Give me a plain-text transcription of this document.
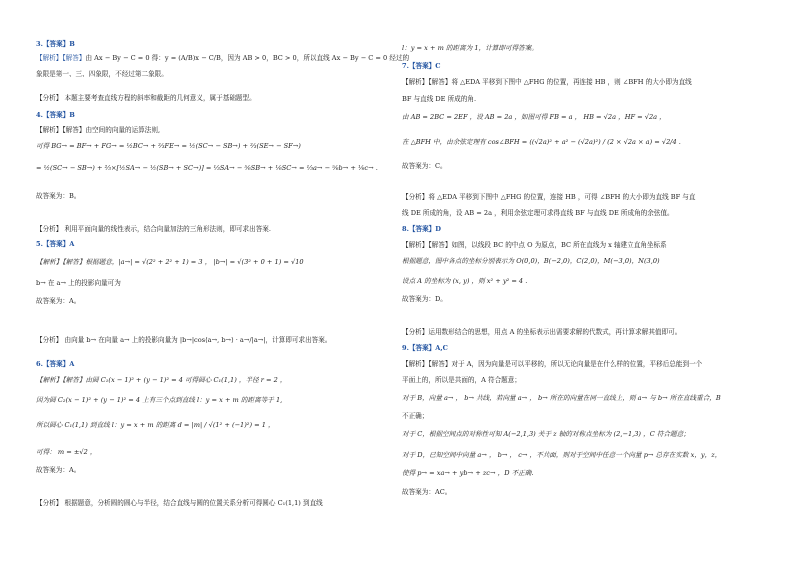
3.【答案】B
【解析】【解答】由 Ax − By − C = 0 得：y = (A/B)x − C/B，因为 AB > 0，BC > 0，所以直线 Ax − By − C = 0 经过的
象限是第一、三、四象限，不经过第二象限。
【分析】 本题主要考查直线方程的斜率和截距的几何意义，属于基础题型。
4.【答案】B
【解析】【解答】由空间的向量的运算法则,
可得 BG→ = BF→ + FG→ = ½BC→ + ⅔FE→ = ½(SC→ − SB→) + ⅔(SE→ − SF→)
= ½(SC→ − SB→) + ⅔×[½SA→ − ½(SB→ + SC→)] = ⅓SA→ − ⅚SB→ + ⅙SC→ = ⅓a→ − ⅚b→ + ⅙c→ .
故答案为：B。
【分析】 利用平面向量的线性表示，结合向量加法的三角形法则，即可求出答案.
5.【答案】A
【解析】【解答】根据题意，|a→| = √(2² + 2² + 1) = 3 ， |b→| = √(3² + 0 + 1) = √10
b→ 在 a→ 上的投影向量可为
故答案为：A。
【分析】 由向量 b→ 在向量 a→ 上的投影向量为 |b→|cos⟨a→, b→⟩ · a→/|a→|，计算即可求出答案。
6.【答案】A
【解析】【解答】由圆 C₁(x − 1)² + (y − 1)² = 4 可得圆心 C₁(1,1) ，半径 r = 2 ，
因为圆 C₂(x − 1)² + (y − 1)² = 4 上有三个点到直线 l：y = x + m 的距离等于 1,
所以圆心 C₁(1,1) 到直线 l：y = x + m 的距离 d = |m| / √(1² + (−1)²) = 1 ，
可得： m = ±√2 ，
故答案为：A。
【分析】 根据题意，分析圆的圆心与半径，结合直线与圆的位置关系分析可得圆心 C₁(1,1) 到直线
l：y = x + m 的距离为 1，计算即可得答案。
7.【答案】C
【解析】【解答】将 △EDA 平移到下图中 △FHG 的位置，再连接 HB ，则 ∠BFH 的大小即为直线
BF 与直线 DE 所成的角.
由 AB = 2BC = 2EF ，设 AB = 2a ，如图可得 FB = a ， HB = √2a ，HF = √2a ，
在 △BFH 中，由余弦定理有 cos∠BFH = ((√2a)² + a² − (√2a)²) / (2 × √2a × a) = √2/4 .
故答案为：C。
【分析】将 △EDA 平移到下图中 △FHG 的位置，连接 HB ，可得 ∠BFH 的大小即为直线 BF 与直
线 DE 所成的角，设 AB = 2a ，利用余弦定理可求得直线 BF 与直线 DE 所成角的余弦值。
8.【答案】D
【解析】【解答】如图，以线段 BC 的中点 O 为原点，BC 所在直线为 x 轴建立直角坐标系
根据题意，图中各点的坐标分别表示为 O(0,0)，B(−2,0)，C(2,0)，M(−3,0)，N(3,0)
设点 A 的坐标为 (x, y) ，则 x² + y² = 4 .
故答案为：D。
【分析】运用数形结合的思想，用点 A 的坐标表示出需要求解的代数式，再计算求解其值即可。
9.【答案】A,C
【解析】【解答】对于 A，因为向量是可以平移的，所以无论向量是在什么样的位置，平移后总能到一个
平面上的，所以是共面的，A 符合题意；
对于 B，向量 a→ ， b→ 共线，若向量 a→ ， b→ 所在的向量在同一直线上，则 a→ 与 b→ 所在直线重合，B
不正确；
对于 C，根据空间点的对称性可知 A(−2,1,3) 关于 z 轴的对称点坐标为 (2,−1,3) ，C 符合题意；
对于 D，已知空间中向量 a→ ， b→ ， c→ ，不共面，则对于空间中任意一个向量 p→ 总存在实数 x，y，z，
使得 p→ = xa→ + yb→ + zc→ ，D 不正确.
故答案为：AC。
